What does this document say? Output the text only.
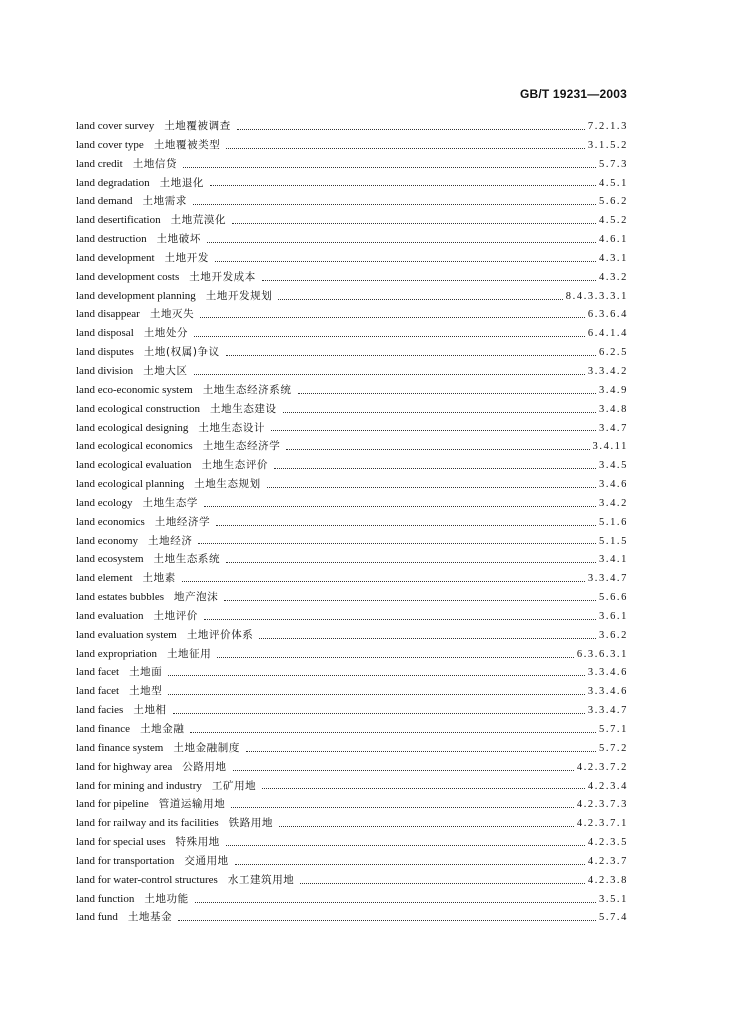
GB/T 19231—2003
land cover survey 土地覆被调查	7.2.1.3
land cover type 土地覆被类型	3.1.5.2
land credit 土地信贷	5.7.3
land degradation 土地退化	4.5.1
land demand 土地需求	5.6.2
land desertification 土地荒漠化	4.5.2
land destruction 土地破坏	4.6.1
land development 土地开发	4.3.1
land development costs 土地开发成本	4.3.2
land development planning 土地开发规划	8.4.3.3.3.1
land disappear 土地灭失	6.3.6.4
land disposal 土地处分	6.4.1.4
land disputes 土地(权属)争议	6.2.5
land division 土地大区	3.3.4.2
land eco-economic system 土地生态经济系统	3.4.9
land ecological construction 土地生态建设	3.4.8
land ecological designing 土地生态设计	3.4.7
land ecological economics 土地生态经济学	3.4.11
land ecological evaluation 土地生态评价	3.4.5
land ecological planning 土地生态规划	3.4.6
land ecology 土地生态学	3.4.2
land economics 土地经济学	5.1.6
land economy 土地经济	5.1.5
land ecosystem 土地生态系统	3.4.1
land element 土地素	3.3.4.7
land estates bubbles 地产泡沫	5.6.6
land evaluation 土地评价	3.6.1
land evaluation system 土地评价体系	3.6.2
land expropriation 土地征用	6.3.6.3.1
land facet 土地面	3.3.4.6
land facet 土地型	3.3.4.6
land facies 土地相	3.3.4.7
land finance 土地金融	5.7.1
land finance system 土地金融制度	5.7.2
land for highway area 公路用地	4.2.3.7.2
land for mining and industry 工矿用地	4.2.3.4
land for pipeline 管道运输用地	4.2.3.7.3
land for railway and its facilities 铁路用地	4.2.3.7.1
land for special uses 特殊用地	4.2.3.5
land for transportation 交通用地	4.2.3.7
land for water-control structures 水工建筑用地	4.2.3.8
land function 土地功能	3.5.1
land fund 土地基金	5.7.4
